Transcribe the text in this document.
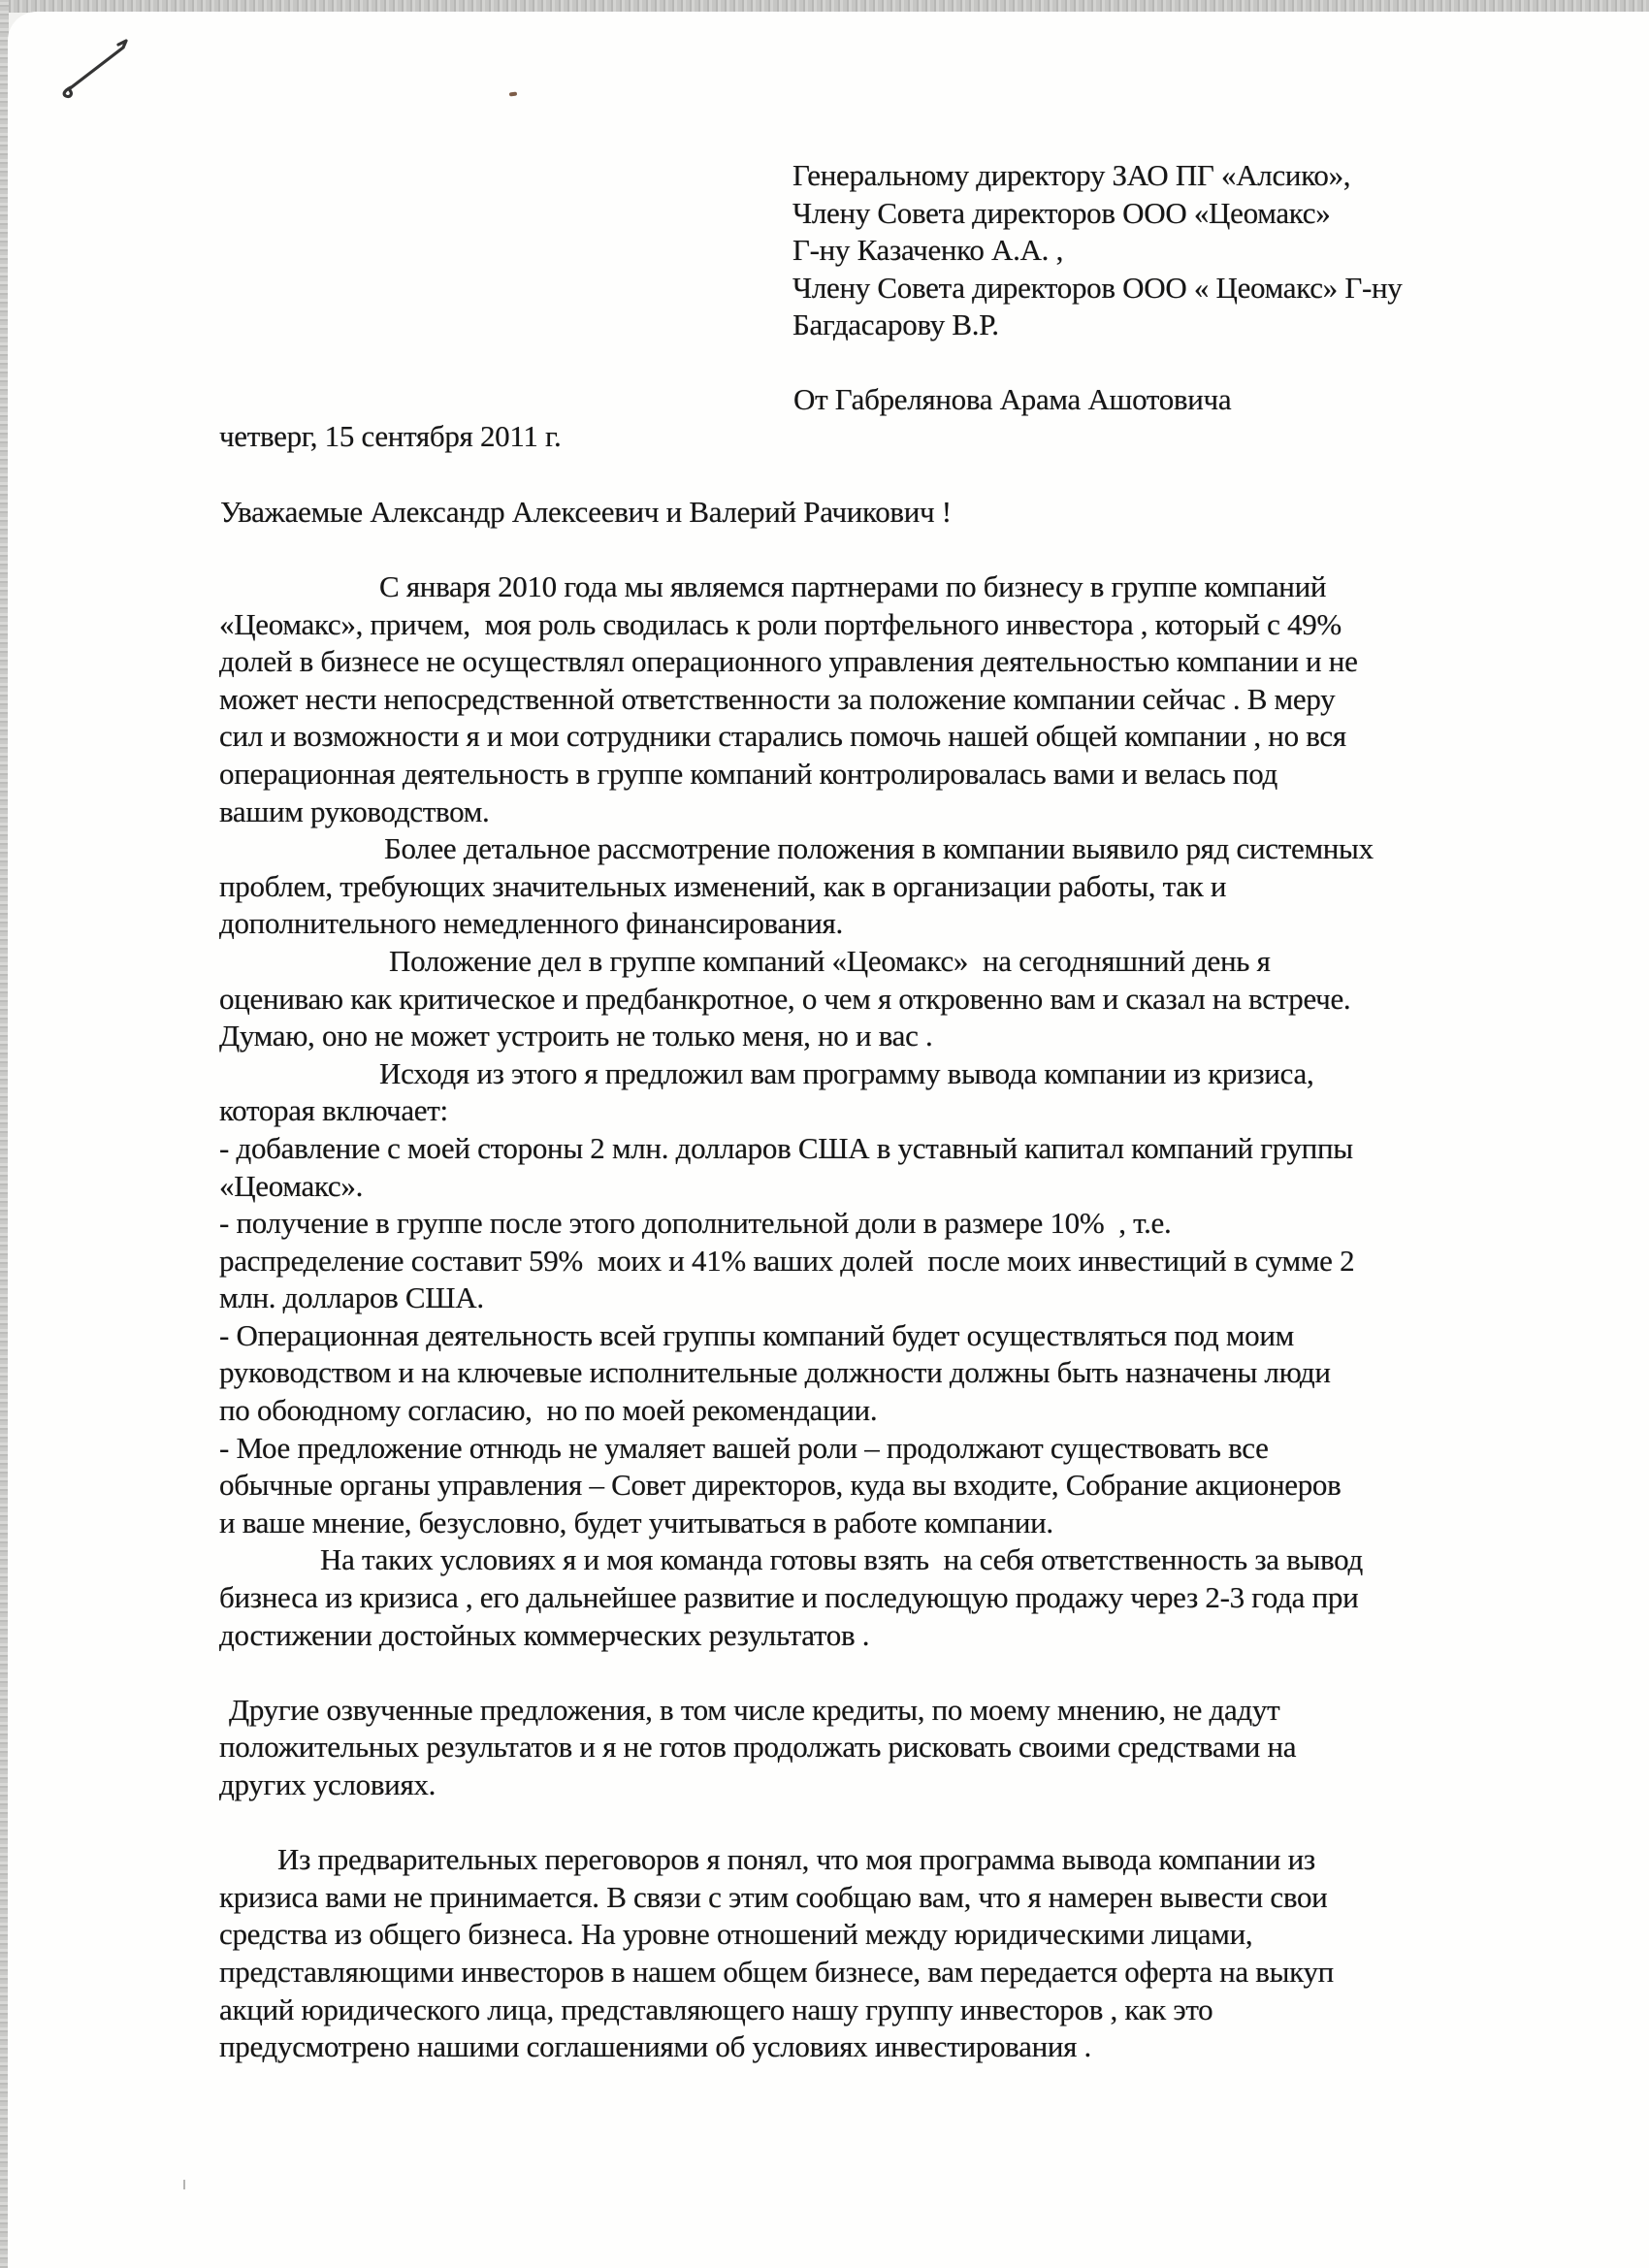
Генеральному директору ЗАО ПГ «Алсико»,
Члену Совета директоров ООО «Цеомакс»
Г-ну Казаченко А.А. ,
Члену Совета директоров ООО « Цеомакс» Г-ну
Багдасарову В.Р.
От Габрелянова Арама Ашотовича
четверг, 15 сентября 2011 г.
Уважаемые Александр Алексеевич и Валерий Рачикович !
С января 2010 года мы являемся партнерами по бизнесу в группе компаний
«Цеомакс», причем,  моя роль сводилась к роли портфельного инвестора , который с 49%
долей в бизнесе не осуществлял операционного управления деятельностью компании и не
может нести непосредственной ответственности за положение компании сейчас . В меру
сил и возможности я и мои сотрудники старались помочь нашей общей компании , но вся
операционная деятельность в группе компаний контролировалась вами и велась под
вашим руководством.
Более детальное рассмотрение положения в компании выявило ряд системных
проблем, требующих значительных изменений, как в организации работы, так и
дополнительного немедленного финансирования.
Положение дел в группе компаний «Цеомакс»  на сегодняшний день я
оцениваю как критическое и предбанкротное, о чем я откровенно вам и сказал на встрече.
Думаю, оно не может устроить не только меня, но и вас .
Исходя из этого я предложил вам программу вывода компании из кризиса,
которая включает:
- добавление с моей стороны 2 млн. долларов США в уставный капитал компаний группы
«Цеомакс».
- получение в группе после этого дополнительной доли в размере 10%  , т.е.
распределение составит 59%  моих и 41% ваших долей  после моих инвестиций в сумме 2
млн. долларов США.
- Операционная деятельность всей группы компаний будет осуществляться под моим
руководством и на ключевые исполнительные должности должны быть назначены люди
по обоюдному согласию,  но по моей рекомендации.
- Мое предложение отнюдь не умаляет вашей роли – продолжают существовать все
обычные органы управления – Совет директоров, куда вы входите, Собрание акционеров
и ваше мнение, безусловно, будет учитываться в работе компании.
На таких условиях я и моя команда готовы взять  на себя ответственность за вывод
бизнеса из кризиса , его дальнейшее развитие и последующую продажу через 2-3 года при
достижении достойных коммерческих результатов .

Другие озвученные предложения, в том числе кредиты, по моему мнению, не дадут
положительных результатов и я не готов продолжать рисковать своими средствами на
других условиях.

Из предварительных переговоров я понял, что моя программа вывода компании из
кризиса вами не принимается. В связи с этим сообщаю вам, что я намерен вывести свои
средства из общего бизнеса. На уровне отношений между юридическими лицами,
представляющими инвесторов в нашем общем бизнесе, вам передается оферта на выкуп
акций юридического лица, представляющего нашу группу инвесторов , как это
предусмотрено нашими соглашениями об условиях инвестирования .
